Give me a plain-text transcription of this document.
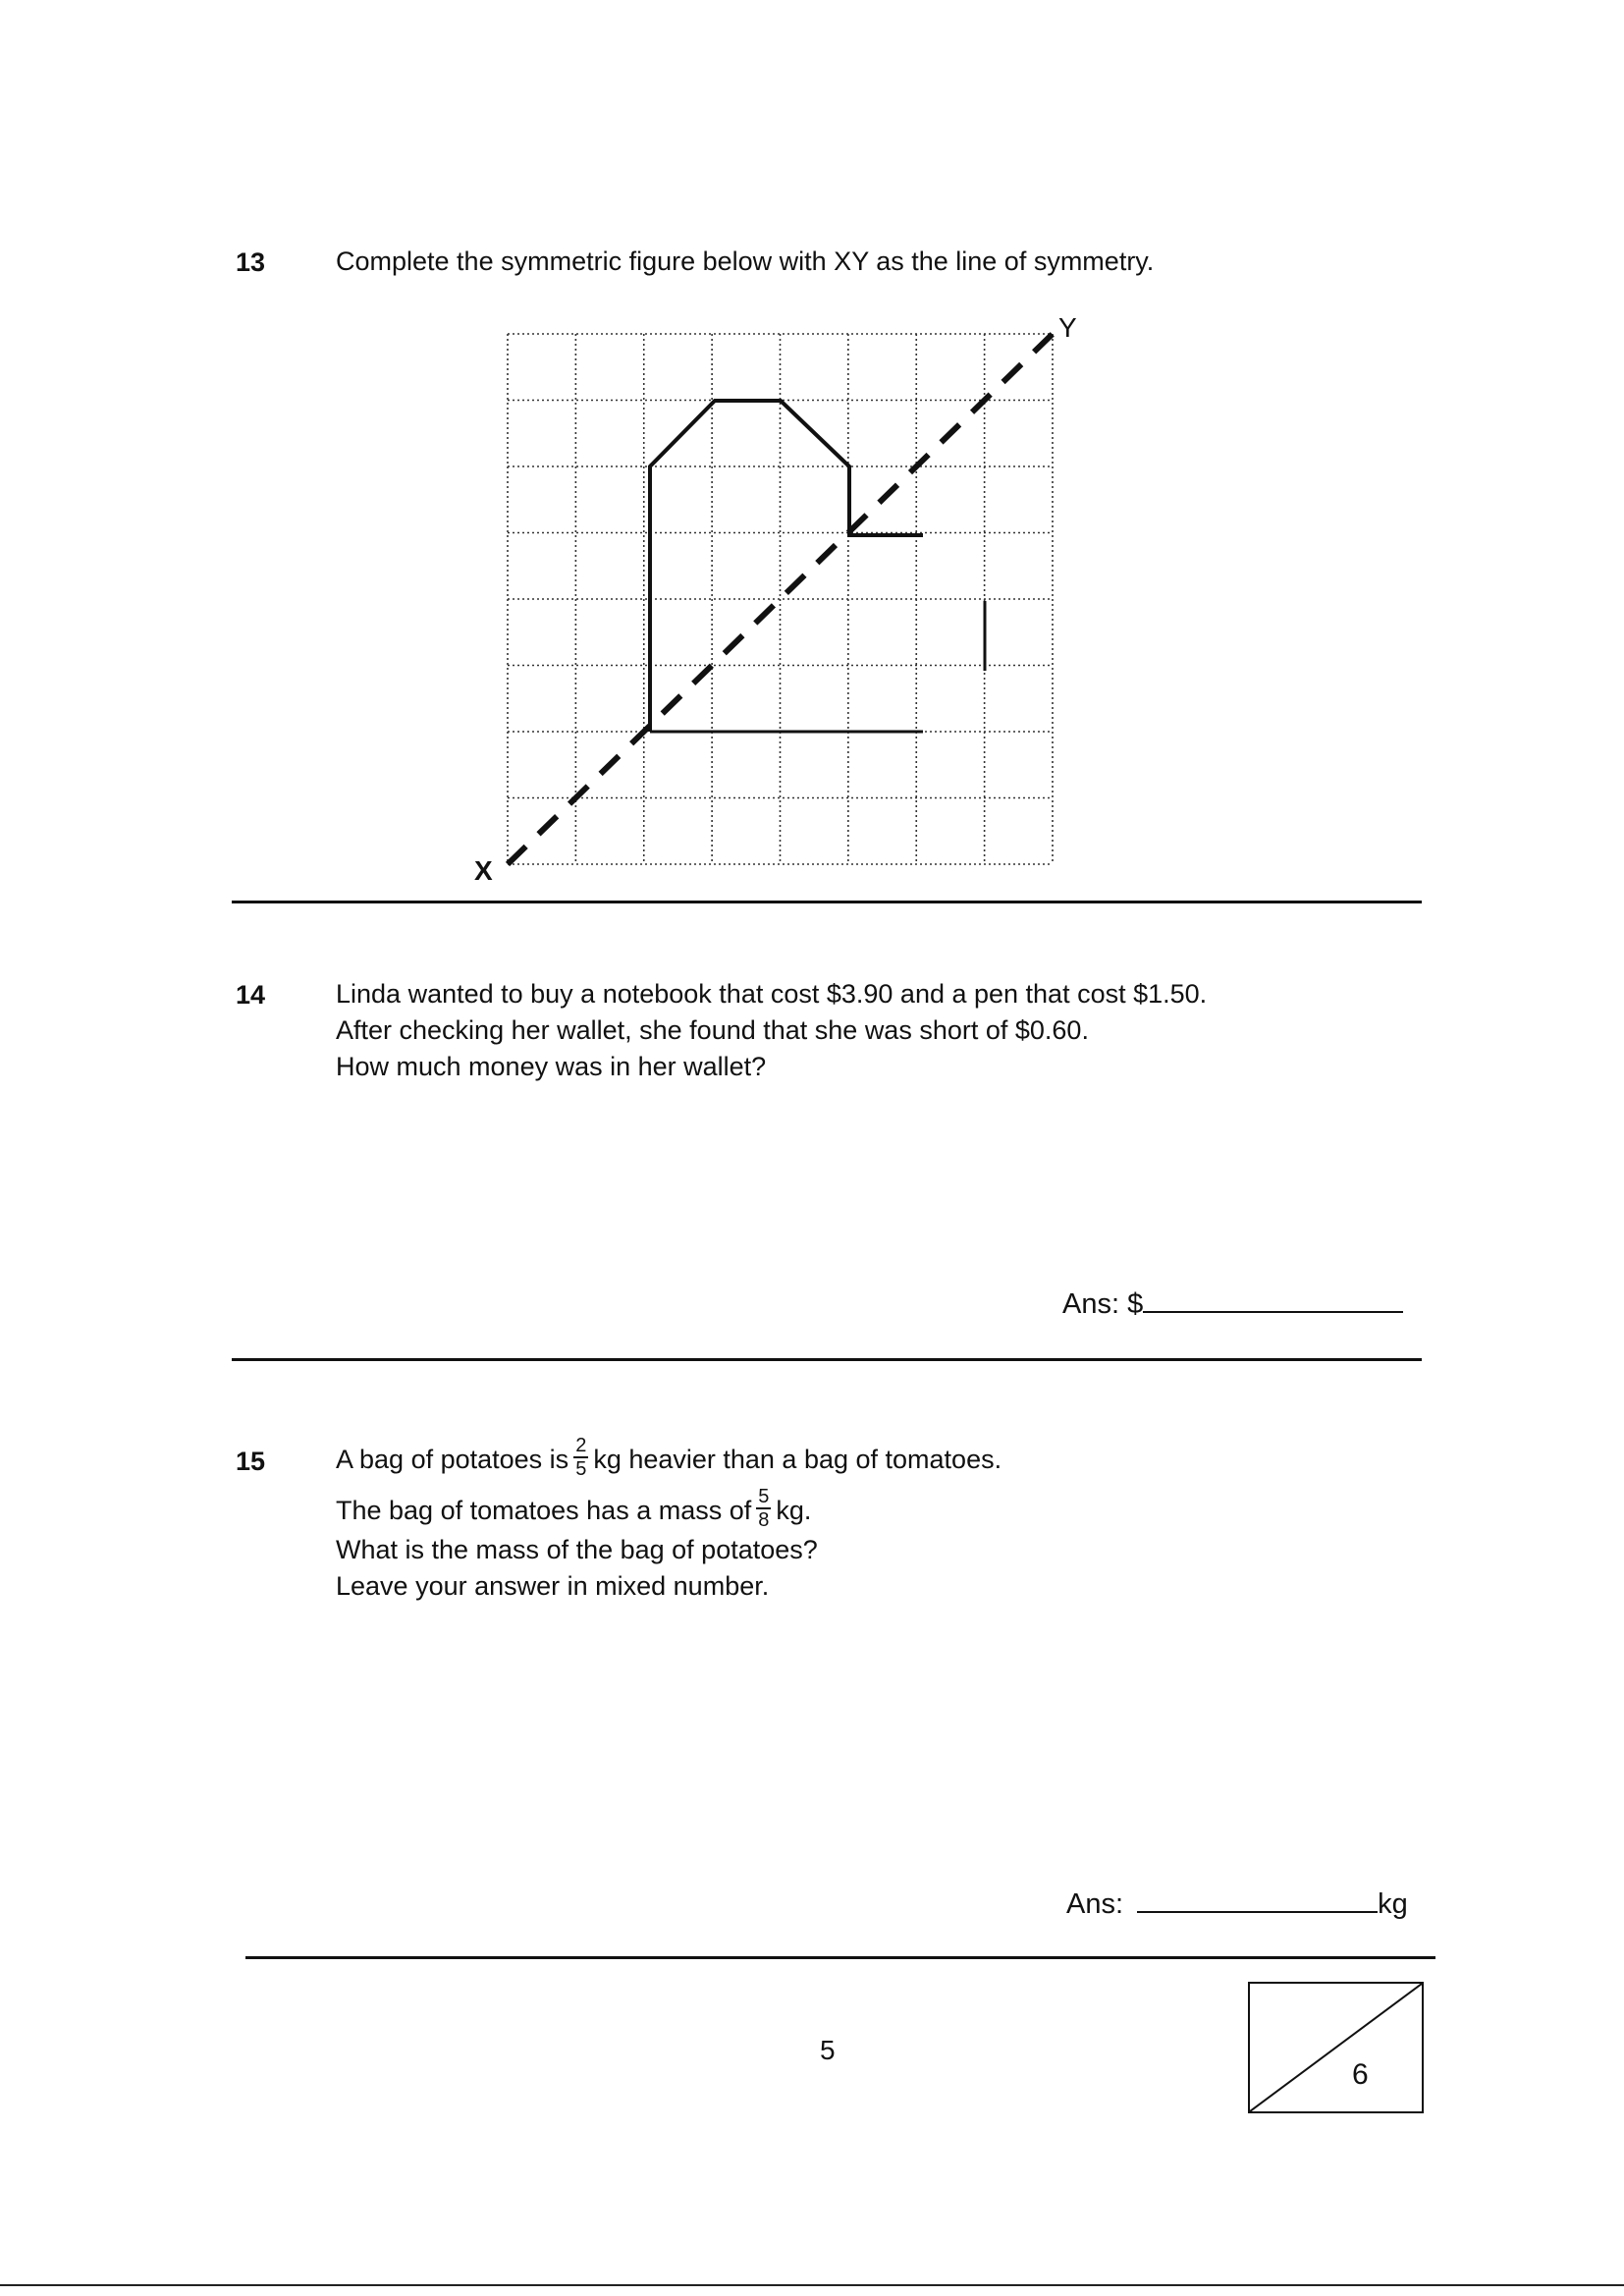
13	Complete the symmetric figure below with XY as the line of symmetry.
Y
X
14	Linda wanted to buy a notebook that cost $3.90 and a pen that cost $1.50.
After checking her wallet, she found that she was short of $0.60.
How much money was in her wallet?
Ans: $
15	A bag of potatoes is $\frac{2}{5}$ kg heavier than a bag of tomatoes.
The bag of tomatoes has a mass of $\frac{5}{8}$ kg.
What is the mass of the bag of potatoes?
Leave your answer in mixed number.
Ans:	kg
5
6
